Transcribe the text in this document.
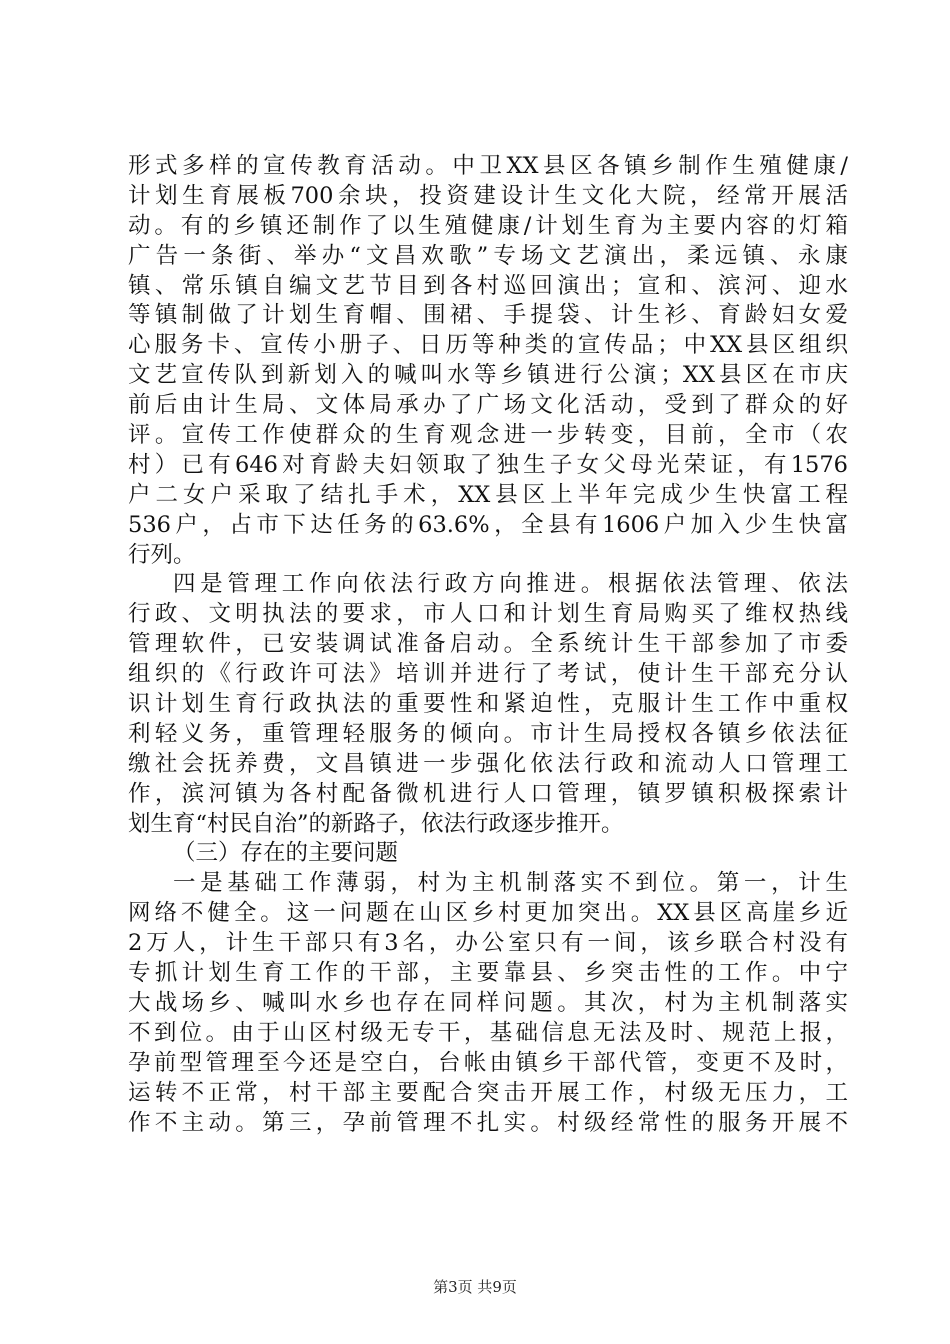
形式多样的宣传教育活动。中卫XX县区各镇乡制作生殖健康/
计划生育展板700余块，投资建设计生文化大院，经常开展活
动。有的乡镇还制作了以生殖健康/计划生育为主要内容的灯箱
广告一条街、举办“文昌欢歌”专场文艺演出，柔远镇、永康
镇、常乐镇自编文艺节目到各村巡回演出；宣和、滨河、迎水
等镇制做了计划生育帽、围裙、手提袋、计生衫、育龄妇女爱
心服务卡、宣传小册子、日历等种类的宣传品；中XX县区组织
文艺宣传队到新划入的喊叫水等乡镇进行公演；XX县区在市庆
前后由计生局、文体局承办了广场文化活动，受到了群众的好
评。宣传工作使群众的生育观念进一步转变，目前，全市（农
村）已有646对育龄夫妇领取了独生子女父母光荣证，有1576
户二女户采取了结扎手术，XX县区上半年完成少生快富工程
536户，占市下达任务的63.6%，全县有1606户加入少生快富
行列。
四是管理工作向依法行政方向推进。根据依法管理、依法
行政、文明执法的要求，市人口和计划生育局购买了维权热线
管理软件，已安装调试准备启动。全系统计生干部参加了市委
组织的《行政许可法》培训并进行了考试，使计生干部充分认
识计划生育行政执法的重要性和紧迫性，克服计生工作中重权
利轻义务，重管理轻服务的倾向。市计生局授权各镇乡依法征
缴社会抚养费，文昌镇进一步强化依法行政和流动人口管理工
作，滨河镇为各村配备微机进行人口管理，镇罗镇积极探索计
划生育“村民自治”的新路子，依法行政逐步推开。
（三）存在的主要问题
一是基础工作薄弱，村为主机制落实不到位。第一，计生
网络不健全。这一问题在山区乡村更加突出。XX县区高崖乡近
2万人，计生干部只有3名，办公室只有一间，该乡联合村没有
专抓计划生育工作的干部，主要靠县、乡突击性的工作。中宁
大战场乡、喊叫水乡也存在同样问题。其次，村为主机制落实
不到位。由于山区村级无专干，基础信息无法及时、规范上报，
孕前型管理至今还是空白，台帐由镇乡干部代管，变更不及时，
运转不正常，村干部主要配合突击开展工作，村级无压力，工
作不主动。第三，孕前管理不扎实。村级经常性的服务开展不
第3页 共9页
